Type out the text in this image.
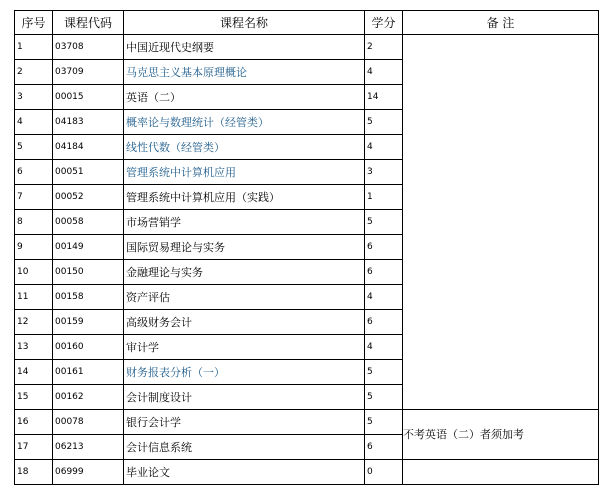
序号	课程代码	课程名称	学分	备 注
1	03708	中国近现代史纲要	2	
2	03709	马克思主义基本原理概论	4	
3	00015	英语（二）	14	
4	04183	概率论与数理统计（经管类）	5	
5	04184	线性代数（经管类）	4	
6	00051	管理系统中计算机应用	3	
7	00052	管理系统中计算机应用（实践）	1	
8	00058	市场营销学	5	
9	00149	国际贸易理论与实务	6	
10	00150	金融理论与实务	6	
11	00158	资产评估	4	
12	00159	高级财务会计	6	
13	00160	审计学	4	
14	00161	财务报表分析（一）	5	
15	00162	会计制度设计	5	
16	00078	银行会计学	5	不考英语（二）者须加考
17	06213	会计信息系统	6	
18	06999	毕业论文	0	
